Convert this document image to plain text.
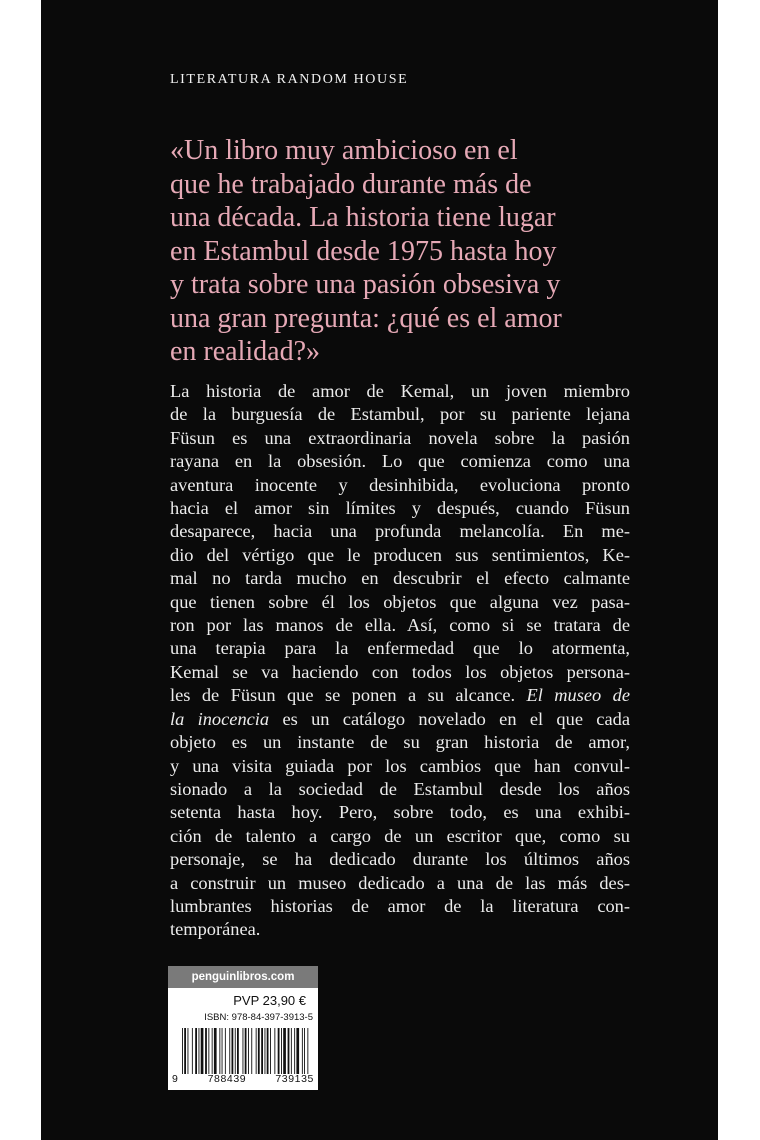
LITERATURA RANDOM HOUSE
«Un libro muy ambicioso en el
que he trabajado durante más de
una década. La historia tiene lugar
en Estambul desde 1975 hasta hoy
y trata sobre una pasión obsesiva y
una gran pregunta: ¿qué es el amor
en realidad?»
La historia de amor de Kemal, un joven miembro
de la burguesía de Estambul, por su pariente lejana
Füsun es una extraordinaria novela sobre la pasión
rayana en la obsesión. Lo que comienza como una
aventura inocente y desinhibida, evoluciona pronto
hacia el amor sin límites y después, cuando Füsun
desaparece, hacia una profunda melancolía. En me-
dio del vértigo que le producen sus sentimientos, Ke-
mal no tarda mucho en descubrir el efecto calmante
que tienen sobre él los objetos que alguna vez pasa-
ron por las manos de ella. Así, como si se tratara de
una terapia para la enfermedad que lo atormenta,
Kemal se va haciendo con todos los objetos persona-
les de Füsun que se ponen a su alcance. El museo de
la inocencia es un catálogo novelado en el que cada
objeto es un instante de su gran historia de amor,
y una visita guiada por los cambios que han convul-
sionado a la sociedad de Estambul desde los años
setenta hasta hoy. Pero, sobre todo, es una exhibi-
ción de talento a cargo de un escritor que, como su
personaje, se ha dedicado durante los últimos años
a construir un museo dedicado a una de las más des-
lumbrantes historias de amor de la literatura con-
temporánea.
penguinlibros.com
PVP 23,90 €
ISBN: 978-84-397-3913-5
9	788439	739135
